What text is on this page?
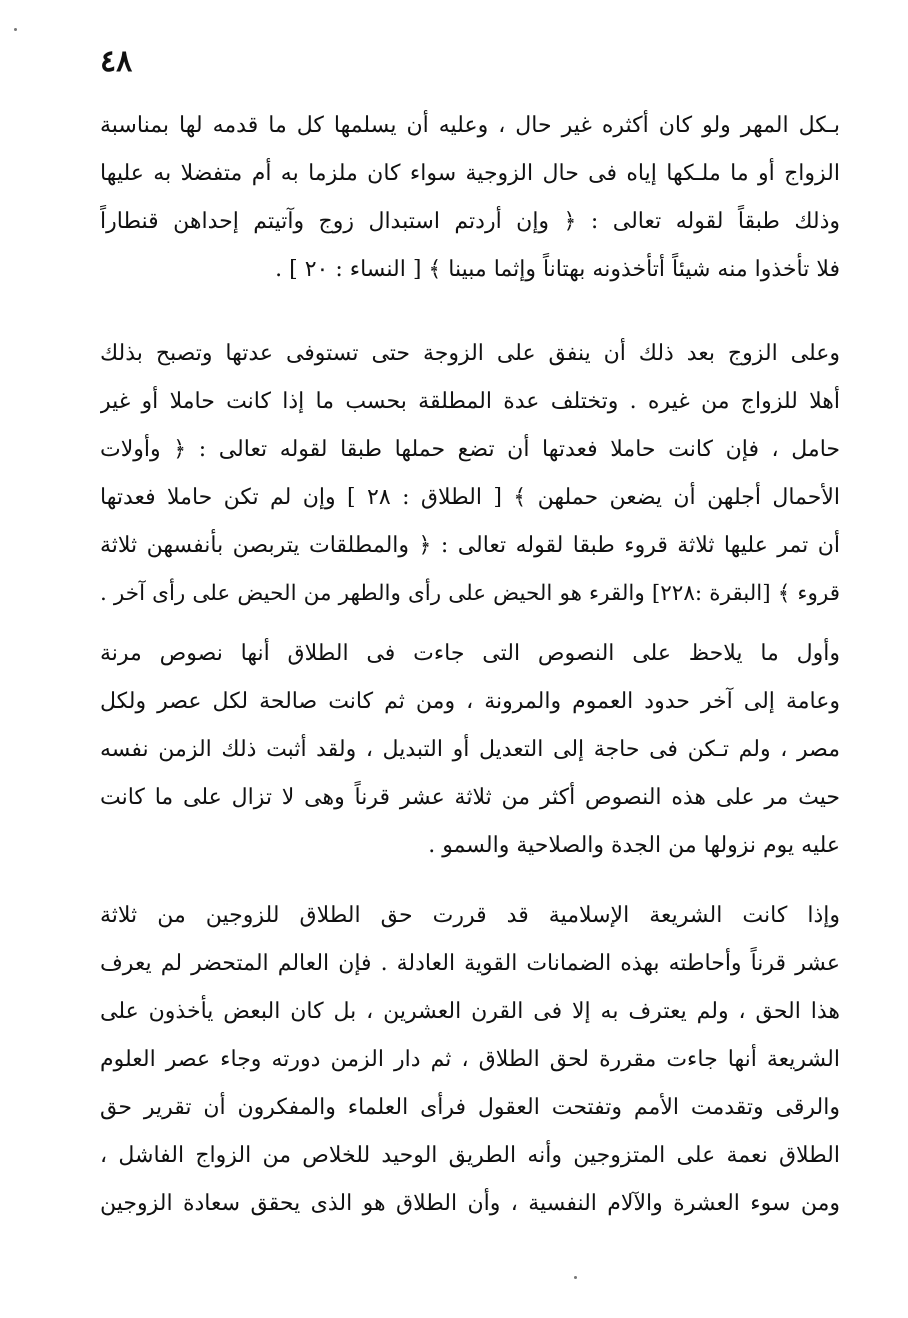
٤٨
بـكل المهر ولو كان أكثره غير حال ، وعليه أن يسلمها كل ما قدمه لها بمناسبة
الزواج أو ما ملـكها إياه فى حال الزوجية سواء كان ملزما به أم متفضلا به عليها
وذلك طبقاً لقوله تعالى : ﴿ وإن أردتم استبدال زوج وآتيتم إحداهن قنطاراً
فلا تأخذوا منه شيئاً أتأخذونه بهتاناً وإثما مبينا ﴾ [ النساء : ٢٠ ] .
وعلى الزوج بعد ذلك أن ينفق على الزوجة حتى تستوفى عدتها وتصبح بذلك
أهلا للزواج من غيره . وتختلف عدة المطلقة بحسب ما إذا كانت حاملا أو غير
حامل ، فإن كانت حاملا فعدتها أن تضع حملها طبقا لقوله تعالى : ﴿ وأولات
الأحمال أجلهن أن يضعن حملهن ﴾ [ الطلاق : ٢٨ ] وإن لم تكن حاملا فعدتها
أن تمر عليها ثلاثة قروء طبقا لقوله تعالى : ﴿ والمطلقات يتربصن بأنفسهن ثلاثة
قروء ﴾ [البقرة :٢٢٨] والقرء هو الحيض على رأى والطهر من الحيض على رأى آخر .
وأول ما يلاحظ على النصوص التى جاءت فى الطلاق أنها نصوص مرنة
وعامة إلى آخر حدود العموم والمرونة ، ومن ثم كانت صالحة لكل عصر ولكل
مصر ، ولم تـكن فى حاجة إلى التعديل أو التبديل ، ولقد أثبت ذلك الزمن نفسه
حيث مر على هذه النصوص أكثر من ثلاثة عشر قرناً وهى لا تزال على ما كانت
عليه يوم نزولها من الجدة والصلاحية والسمو .
وإذا كانت الشريعة الإسلامية قد قررت حق الطلاق للزوجين من ثلاثة
عشر قرناً وأحاطته بهذه الضمانات القوية العادلة . فإن العالم المتحضر لم يعرف
هذا الحق ، ولم يعترف به إلا فى القرن العشرين ، بل كان البعض يأخذون على
الشريعة أنها جاءت مقررة لحق الطلاق ، ثم دار الزمن دورته وجاء عصر العلوم
والرقى وتقدمت الأمم وتفتحت العقول فرأى العلماء والمفكرون أن تقرير حق
الطلاق نعمة على المتزوجين وأنه الطريق الوحيد للخلاص من الزواج الفاشل ،
ومن سوء العشرة والآلام النفسية ، وأن الطلاق هو الذى يحقق سعادة الزوجين
